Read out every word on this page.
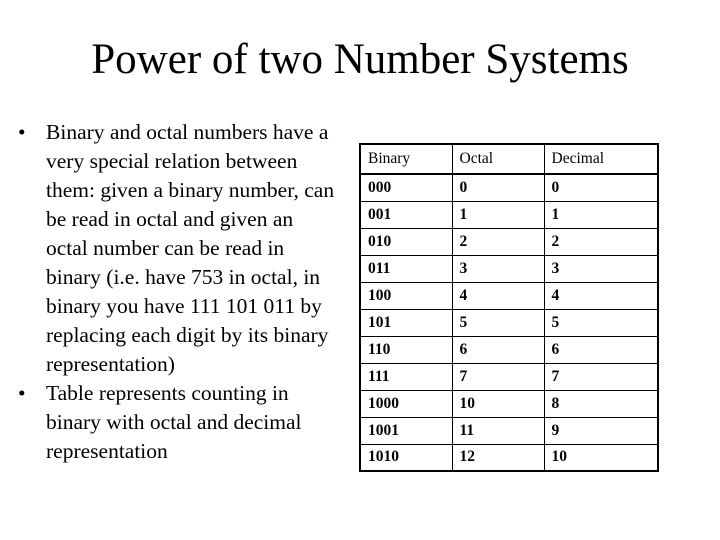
Power of two Number Systems
• Binary and octal numbers have a very special relation between them: given a binary number, can be read in octal and given an octal number can be read in binary (i.e. have 753 in octal, in binary you have 111 101 011 by replacing each digit by its binary representation)
• Table represents counting in binary with octal and decimal representation
Binary	Octal	Decimal
000	0	0
001	1	1
010	2	2
011	3	3
100	4	4
101	5	5
110	6	6
111	7	7
1000	10	8
1001	11	9
1010	12	10
